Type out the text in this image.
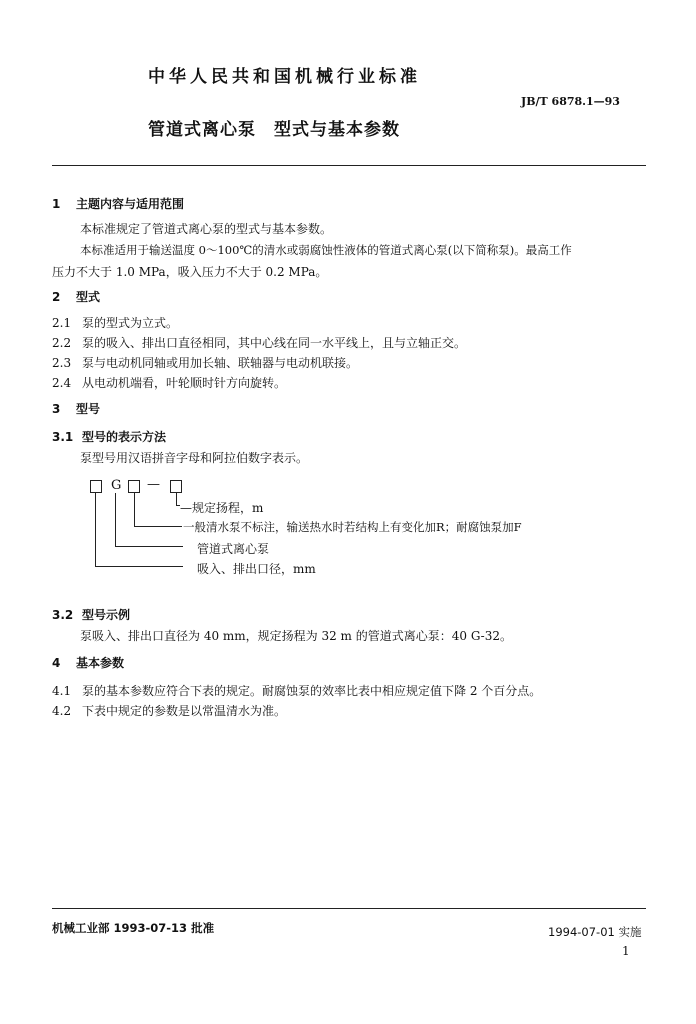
中华人民共和国机械行业标准
JB/T 6878.1—93
管道式离心泵　型式与基本参数
1 主题内容与适用范围
本标准规定了管道式离心泵的型式与基本参数。
本标准适用于输送温度 0～100℃的清水或弱腐蚀性液体的管道式离心泵(以下简称泵)。最高工作
压力不大于 1.0 MPa，吸入压力不大于 0.2 MPa。
2 型式
2.1 泵的型式为立式。
2.2 泵的吸入、排出口直径相同，其中心线在同一水平线上，且与立轴正交。
2.3 泵与电动机同轴或用加长轴、联轴器与电动机联接。
2.4 从电动机端看，叶轮顺时针方向旋转。
3 型号
3.1 型号的表示方法
泵型号用汉语拼音字母和阿拉伯数字表示。
G —
—规定扬程，m
一般清水泵不标注，输送热水时若结构上有变化加R；耐腐蚀泵加F
管道式离心泵
吸入、排出口径，mm
3.2 型号示例
泵吸入、排出口直径为 40 mm，规定扬程为 32 m 的管道式离心泵：40 G-32。
4 基本参数
4.1 泵的基本参数应符合下表的规定。耐腐蚀泵的效率比表中相应规定值下降 2 个百分点。
4.2 下表中规定的参数是以常温清水为准。
机械工业部 1993-07-13 批准	1994-07-01 实施
1
